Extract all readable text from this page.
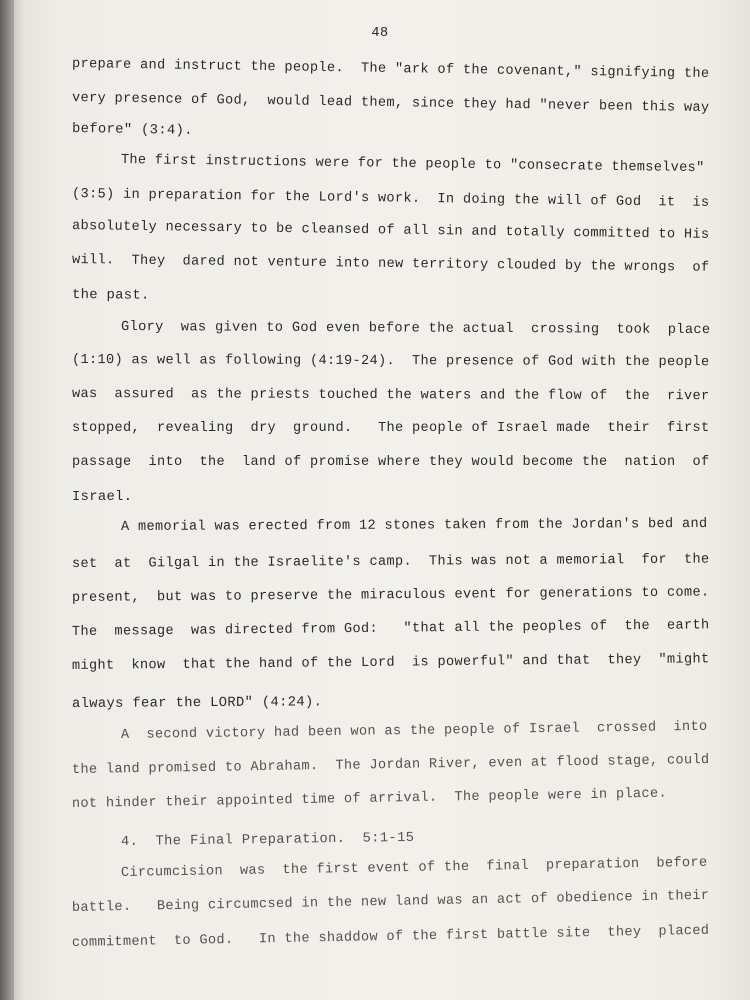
48
prepare and instruct the people.  The "ark of the covenant," signifying the
very presence of God,  would lead them, since they had "never been this way
before" (3:4).
The first instructions were for the people to "consecrate themselves"
(3:5) in preparation for the Lord's work.  In doing the will of God  it  is
absolutely necessary to be cleansed of all sin and totally committed to His
will.  They  dared not venture into new territory clouded by the wrongs  of
the past.
Glory  was given to God even before the actual  crossing  took  place
(1:10) as well as following (4:19-24).  The presence of God with the people
was  assured  as the priests touched the waters and the flow of  the  river
stopped,  revealing  dry  ground.   The people of Israel made  their  first
passage  into  the  land of promise where they would become the  nation  of
Israel.
A memorial was erected from 12 stones taken from the Jordan's bed and
set  at  Gilgal in the Israelite's camp.  This was not a memorial  for  the
present,  but was to preserve the miraculous event for generations to come.
The  message  was directed from God:   "that all the peoples of  the  earth
might  know  that the hand of the Lord  is powerful" and that  they  "might
always fear the LORD" (4:24).
A  second victory had been won as the people of Israel  crossed  into
the land promised to Abraham.  The Jordan River, even at flood stage, could
not hinder their appointed time of arrival.  The people were in place.
4.  The Final Preparation.  5:1-15
Circumcision  was  the first event of the  final  preparation  before
battle.   Being circumcsed in the new land was an act of obedience in their
commitment  to God.   In the shaddow of the first battle site  they  placed
